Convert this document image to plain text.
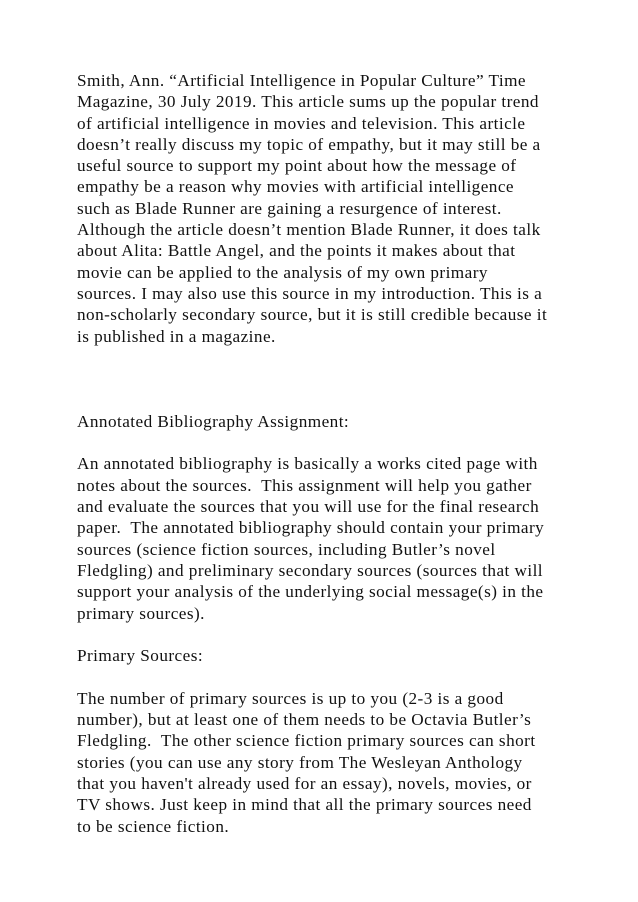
Smith, Ann. “Artificial Intelligence in Popular Culture” Time
Magazine, 30 July 2019. This article sums up the popular trend
of artificial intelligence in movies and television. This article
doesn’t really discuss my topic of empathy, but it may still be a
useful source to support my point about how the message of
empathy be a reason why movies with artificial intelligence
such as Blade Runner are gaining a resurgence of interest.
Although the article doesn’t mention Blade Runner, it does talk
about Alita: Battle Angel, and the points it makes about that
movie can be applied to the analysis of my own primary
sources. I may also use this source in my introduction. This is a
non-scholarly secondary source, but it is still credible because it
is published in a magazine.
Annotated Bibliography Assignment:
An annotated bibliography is basically a works cited page with
notes about the sources.  This assignment will help you gather
and evaluate the sources that you will use for the final research
paper.  The annotated bibliography should contain your primary
sources (science fiction sources, including Butler’s novel
Fledgling) and preliminary secondary sources (sources that will
support your analysis of the underlying social message(s) in the
primary sources).
Primary Sources:
The number of primary sources is up to you (2-3 is a good
number), but at least one of them needs to be Octavia Butler’s
Fledgling.  The other science fiction primary sources can short
stories (you can use any story from The Wesleyan Anthology
that you haven't already used for an essay), novels, movies, or
TV shows. Just keep in mind that all the primary sources need
to be science fiction.
